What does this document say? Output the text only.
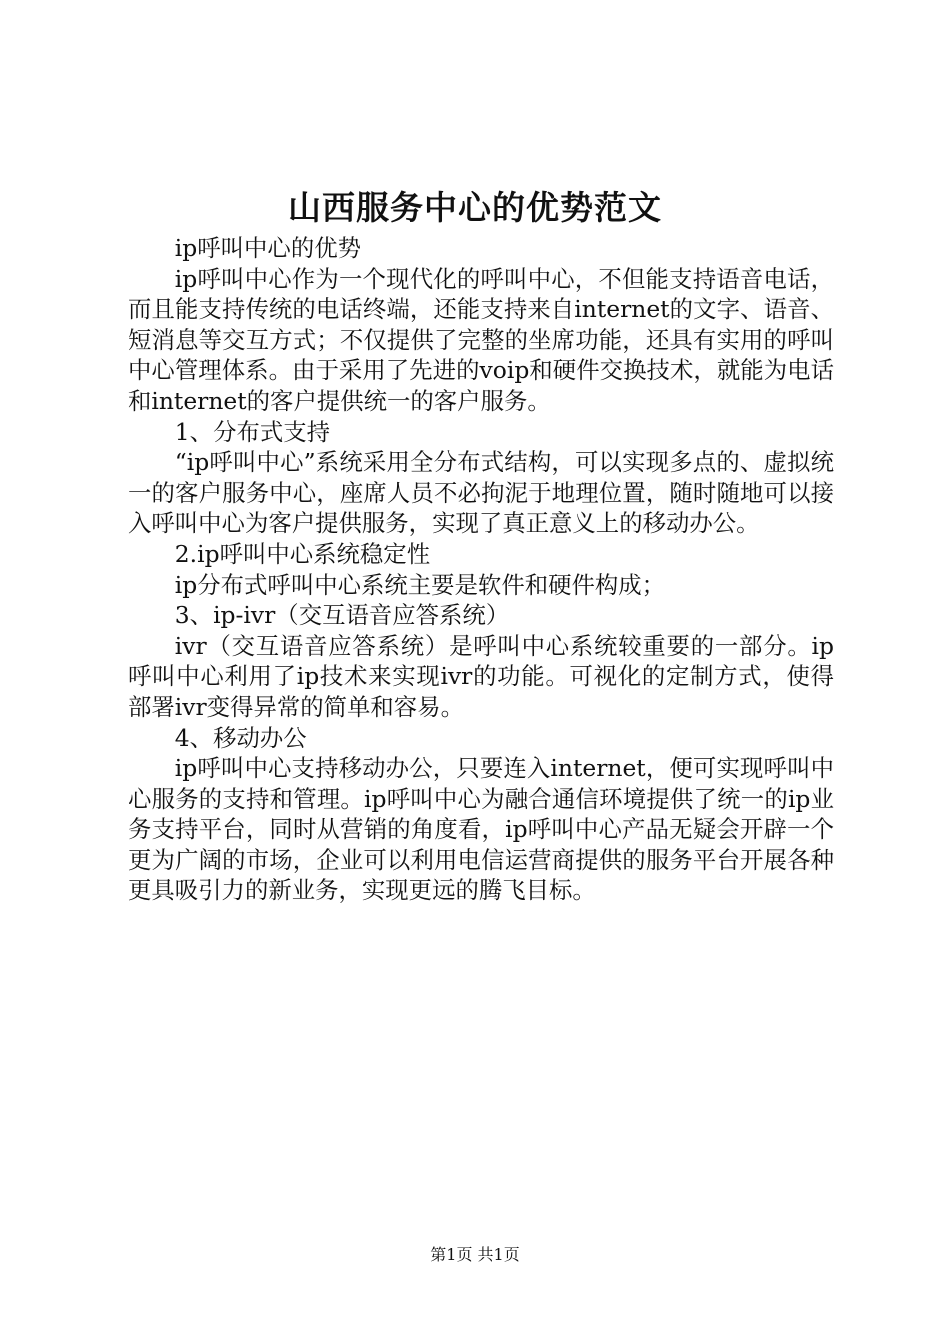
山西服务中心的优势范文

ip呼叫中心的优势

ip呼叫中心作为一个现代化的呼叫中心，不但能支持语音电话，而且能支持传统的电话终端，还能支持来自internet的文字、语音、短消息等交互方式；不仅提供了完整的坐席功能，还具有实用的呼叫中心管理体系。由于采用了先进的voip和硬件交换技术，就能为电话和internet的客户提供统一的客户服务。

1、分布式支持

“ip呼叫中心”系统采用全分布式结构，可以实现多点的、虚拟统一的客户服务中心，座席人员不必拘泥于地理位置，随时随地可以接入呼叫中心为客户提供服务，实现了真正意义上的移动办公。

2.ip呼叫中心系统稳定性

ip分布式呼叫中心系统主要是软件和硬件构成；

3、ip-ivr（交互语音应答系统）

ivr（交互语音应答系统）是呼叫中心系统较重要的一部分。ip呼叫中心利用了ip技术来实现ivr的功能。可视化的定制方式，使得部署ivr变得异常的简单和容易。

4、移动办公

ip呼叫中心支持移动办公，只要连入internet，便可实现呼叫中心服务的支持和管理。ip呼叫中心为融合通信环境提供了统一的ip业务支持平台，同时从营销的角度看，ip呼叫中心产品无疑会开辟一个更为广阔的市场，企业可以利用电信运营商提供的服务平台开展各种更具吸引力的新业务，实现更远的腾飞目标。

第1页 共1页
